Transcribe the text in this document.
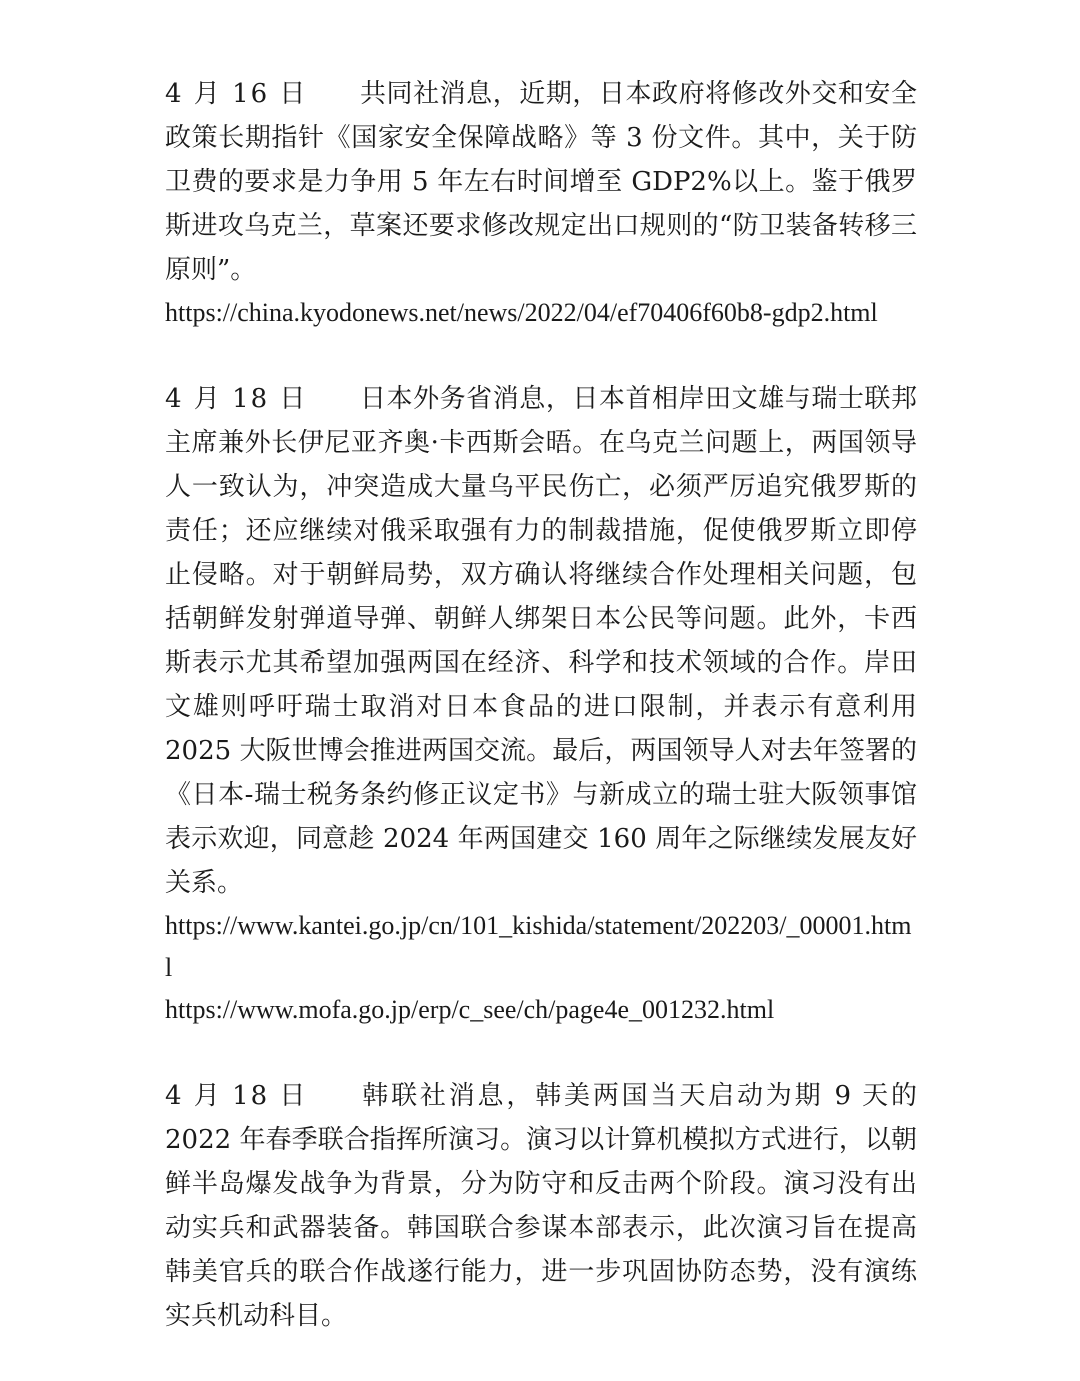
4 月 16 日 共同社消息，近期，日本政府将修改外交和安全政策长期指针《国家安全保障战略》等 3 份文件。其中，关于防卫费的要求是力争用 5 年左右时间增至 GDP2%以上。鉴于俄罗斯进攻乌克兰，草案还要求修改规定出口规则的“防卫装备转移三原则”。

https://china.kyodonews.net/news/2022/04/ef70406f60b8-gdp2.html

4 月 18 日 日本外务省消息，日本首相岸田文雄与瑞士联邦主席兼外长伊尼亚齐奥·卡西斯会晤。在乌克兰问题上，两国领导人一致认为，冲突造成大量乌平民伤亡，必须严厉追究俄罗斯的责任；还应继续对俄采取强有力的制裁措施，促使俄罗斯立即停止侵略。对于朝鲜局势，双方确认将继续合作处理相关问题，包括朝鲜发射弹道导弹、朝鲜人绑架日本公民等问题。此外，卡西斯表示尤其希望加强两国在经济、科学和技术领域的合作。岸田文雄则呼吁瑞士取消对日本食品的进口限制，并表示有意利用 2025 大阪世博会推进两国交流。最后，两国领导人对去年签署的《日本-瑞士税务条约修正议定书》与新成立的瑞士驻大阪领事馆表示欢迎，同意趁 2024 年两国建交 160 周年之际继续发展友好关系。

https://www.kantei.go.jp/cn/101_kishida/statement/202203/_00001.html
https://www.mofa.go.jp/erp/c_see/ch/page4e_001232.html

4 月 18 日 韩联社消息，韩美两国当天启动为期 9 天的 2022 年春季联合指挥所演习。演习以计算机模拟方式进行，以朝鲜半岛爆发战争为背景，分为防守和反击两个阶段。演习没有出动实兵和武器装备。韩国联合参谋本部表示，此次演习旨在提高韩美官兵的联合作战遂行能力，进一步巩固协防态势，没有演练实兵机动科目。
